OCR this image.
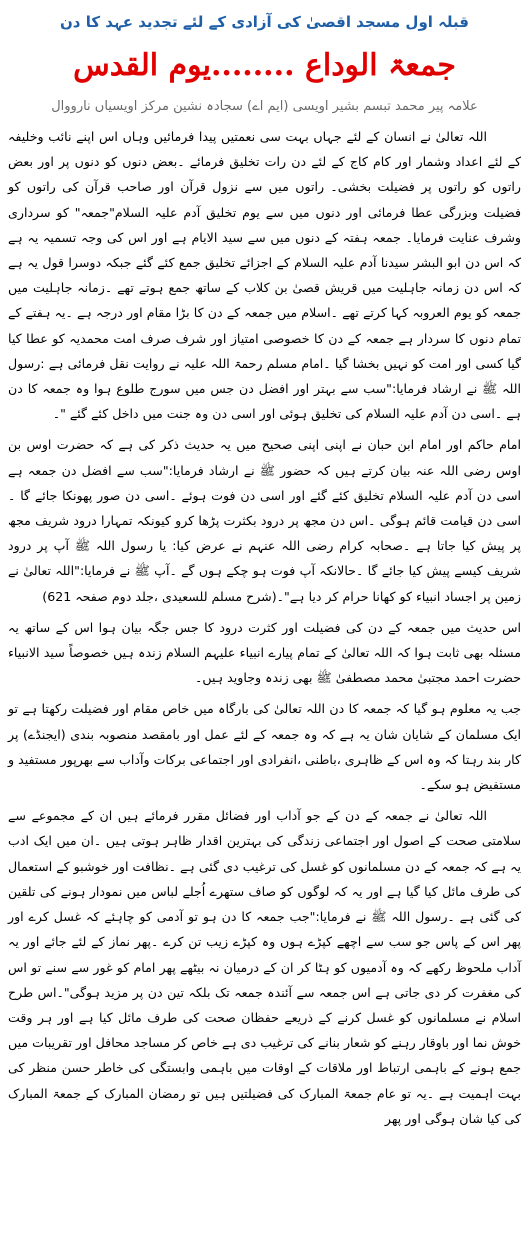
قبلہ اول مسجد اقصیٰ کی آزادی کے لئے تجدید عہد کا دن
جمعۃ الوداع ........یوم القدس
علامہ پیر محمد تبسم بشیر اویسی (ایم اے) سجادہ نشین مرکز اویسیاں نارووال

اللہ تعالیٰ نے انسان کے لئے جہاں بہت سی نعمتیں پیدا فرمائیں وہاں اس اپنے نائب وخلیفہ کے لئے اعداد وشمار اور کام کاج کے لئے دن رات تخلیق فرمائے ۔بعض دنوں کو دنوں پر اور بعض راتوں کو راتوں پر فضیلت بخشی۔ راتوں میں سے نزول قرآن اور صاحب قرآن کی راتوں کو فضیلت وبزرگی عطا فرمائی اور دنوں میں سے یوم تخلیق آدم علیہ السلام"جمعہ" کو سرداری وشرف عنایت فرمایا۔ جمعہ ہفتہ کے دنوں میں سے سید الایام ہے اور اس کی وجہ تسمیہ یہ ہے کہ اس دن ابو البشر سیدنا آدم علیہ السلام کے اجزائے تخلیق جمع کئے گئے جبکہ دوسرا قول یہ ہے کہ اس دن زمانہ جاہلیت میں قریش قصیٰ بن کلاب کے ساتھ جمع ہوتے تھے ۔زمانہ جاہلیت میں جمعہ کو یوم العروبہ کہا کرتے تھے ۔اسلام میں جمعہ کے دن کا بڑا مقام اور درجہ ہے ۔یہ ہفتے کے تمام دنوں کا سردار ہے جمعہ کے دن کا خصوصی امتیاز اور شرف صرف امت محمدیہ کو عطا کیا گیا کسی اور امت کو نہیں بخشا گیا ۔امام مسلم رحمۃ اللہ علیہ نے روایت نقل فرمائی ہے :رسول اللہ ﷺ نے ارشاد فرمایا:"سب سے بہتر اور افضل دن جس میں سورج طلوع ہوا وہ جمعہ کا دن ہے ۔اسی دن آدم علیہ السلام کی تخلیق ہوئی اور اسی دن وہ جنت میں داخل کئے گئے "۔

امام حاکم اور امام ابن حبان نے اپنی اپنی صحیح میں یہ حدیث ذکر کی ہے کہ حضرت اوس بن اوس رضی اللہ عنہ بیان کرتے ہیں کہ حضور ﷺ نے ارشاد فرمایا:"سب سے افضل دن جمعہ ہے اسی دن آدم علیہ السلام تخلیق کئے گئے اور اسی دن فوت ہوئے ۔اسی دن صور پھونکا جائے گا ۔اسی دن قیامت قائم ہوگی ۔اس دن مجھ پر درود بکثرت پڑھا کرو کیونکہ تمہارا درود شریف مجھ پر پیش کیا جاتا ہے ۔صحابہ کرام رضی اللہ عنہم نے عرض کیا: یا رسول اللہ ﷺ آپ پر درود شریف کیسے پیش کیا جائے گا ۔حالانکہ آپ فوت ہو چکے ہوں گے ۔آپ ﷺ نے فرمایا:"اللہ تعالیٰ نے زمین پر اجساد انبیاء کو کھانا حرام کر دیا ہے"۔(شرح مسلم للسعیدی ،جلد دوم صفحہ 621)

اس حدیث میں جمعہ کے دن کی فضیلت اور کثرت درود کا جس جگہ بیان ہوا اس کے ساتھ یہ مسئلہ بھی ثابت ہوا کہ اللہ تعالیٰ کے تمام پیارے انبیاء علیہم السلام زندہ ہیں خصوصاً سید الانبیاء حضرت احمد مجتبیٰ محمد مصطفیٰ ﷺ بھی زندہ وجاوید ہیں۔

جب یہ معلوم ہو گیا کہ جمعہ کا دن اللہ تعالیٰ کی بارگاہ میں خاص مقام اور فضیلت رکھتا ہے تو ایک مسلمان کے شایان شان یہ ہے کہ وہ جمعہ کے لئے عمل اور بامقصد منصوبہ بندی (ایجنڈے) پر کار بند رہتا کہ وہ اس کے ظاہری ،باطنی ،انفرادی اور اجتماعی برکات وآداب سے بھرپور مستفید و مستفیض ہو سکے۔

اللہ تعالیٰ نے جمعہ کے دن کے جو آداب اور فضائل مقرر فرمائے ہیں ان کے مجموعے سے سلامتی صحت کے اصول اور اجتماعی زندگی کی بہترین اقدار ظاہر ہوتی ہیں ۔ان میں ایک ادب یہ ہے کہ جمعہ کے دن مسلمانوں کو غسل کی ترغیب دی گئی ہے ۔نظافت اور خوشبو کے استعمال کی طرف مائل کیا گیا ہے اور یہ کہ لوگوں کو صاف ستھرے اُجلے لباس میں نمودار ہونے کی تلقین کی گئی ہے ۔رسول اللہ ﷺ نے فرمایا:"جب جمعہ کا دن ہو تو آدمی کو چاہئے کہ غسل کرے اور پھر اس کے پاس جو سب سے اچھے کپڑے ہوں وہ کپڑے زیب تن کرے ۔پھر نماز کے لئے جائے اور یہ آداب ملحوظ رکھے کہ وہ آدمیوں کو ہٹا کر ان کے درمیان نہ بیٹھے پھر امام کو غور سے سنے تو اس کی مغفرت کر دی جاتی ہے اس جمعہ سے آئندہ جمعہ تک بلکہ تین دن پر مزید ہوگی"۔اس طرح اسلام نے مسلمانوں کو غسل کرنے کے ذریعے حفظان صحت کی طرف مائل کیا ہے اور ہر وقت خوش نما اور باوقار رہنے کو شعار بنانے کی ترغیب دی ہے خاص کر مساجد محافل اور تقریبات میں جمع ہونے کے باہمی ارتباط اور ملاقات کے اوقات میں باہمی وابستگی کی خاطر حسن منظر کی بہت اہمیت ہے ۔یہ تو عام جمعۃ المبارک کی فضیلتیں ہیں تو رمضان المبارک کے جمعۃ المبارک کی کیا شان ہوگی اور پھر
